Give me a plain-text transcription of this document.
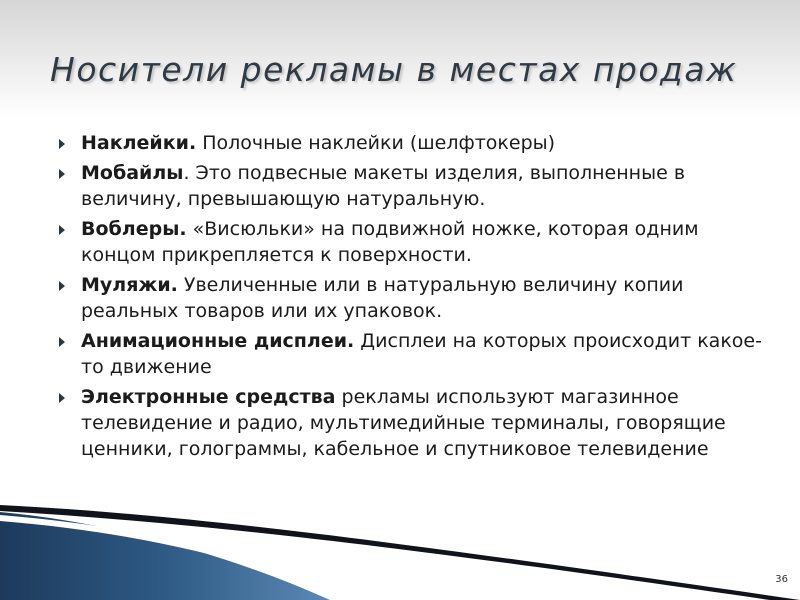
Носители рекламы в местах продаж
Наклейки. Полочные наклейки (шелфтокеры)
Мобайлы. Это подвесные макеты изделия, выполненные в величину, превышающую натуральную.
Воблеры. «Висюльки» на подвижной ножке, которая одним концом прикрепляется к поверхности.
Муляжи. Увеличенные или в натуральную величину копии реальных товаров или их упаковок.
Анимационные дисплеи. Дисплеи на которых происходит какое-то движение
Электронные средства рекламы используют магазинное телевидение и радио, мультимедийные терминалы, говорящие ценники, голограммы, кабельное и спутниковое телевидение
36
